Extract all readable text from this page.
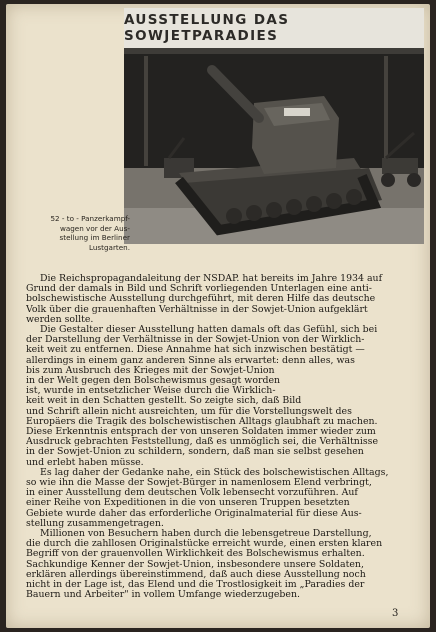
AUSSTELLUNG DAS SOWJETPARADIES
52 - to - Panzerkampf-
wagen vor der Aus-
stellung im Berliner
Lustgarten.

Die Reichspropagandaleitung der NSDAP. hat bereits im Jahre 1934 auf
Grund der damals in Bild und Schrift vorliegenden Unterlagen eine anti-
bolschewistische Ausstellung durchgeführt, mit deren Hilfe das deutsche
Volk über die grauenhaften Verhältnisse in der Sowjet-Union aufgeklärt
werden sollte.

Die Gestalter dieser Ausstellung hatten damals oft das Gefühl, sich bei
der Darstellung der Verhältnisse in der Sowjet-Union von der Wirklich-
keit weit zu entfernen. Diese Annahme hat sich inzwischen bestätigt —
allerdings in einem ganz anderen Sinne als erwartet: denn alles, was
bis zum Ausbruch des Krieges mit der Sowjet-Union
in der Welt gegen den Bolschewismus gesagt worden
ist, wurde in entsetzlicher Weise durch die Wirklich-
keit weit in den Schatten gestellt. So zeigte sich, daß Bild
und Schrift allein nicht ausreichten, um für die Vorstellungswelt des
Europäers die Tragik des bolschewistischen Alltags glaubhaft zu machen.
Diese Erkenntnis entsprach der von unseren Soldaten immer wieder zum
Ausdruck gebrachten Feststellung, daß es unmöglich sei, die Verhältnisse
in der Sowjet-Union zu schildern, sondern, daß man sie selbst gesehen
und erlebt haben müsse.

Es lag daher der Gedanke nahe, ein Stück des bolschewistischen Alltags,
so wie ihn die Masse der Sowjet-Bürger in namenlosem Elend verbringt,
in einer Ausstellung dem deutschen Volk lebensecht vorzuführen. Auf
einer Reihe von Expeditionen in die von unseren Truppen besetzten
Gebiete wurde daher das erforderliche Originalmaterial für diese Aus-
stellung zusammengetragen.

Millionen von Besuchern haben durch die lebensgetreue Darstellung,
die durch die zahllosen Originalstücke erreicht wurde, einen ersten klaren
Begriff von der grauenvollen Wirklichkeit des Bolschewismus erhalten.
Sachkundige Kenner der Sowjet-Union, insbesondere unsere Soldaten,
erklären allerdings übereinstimmend, daß auch diese Ausstellung noch
nicht in der Lage ist, das Elend und die Trostlosigkeit im „Paradies der
Bauern und Arbeiter" in vollem Umfange wiederzugeben.

3
